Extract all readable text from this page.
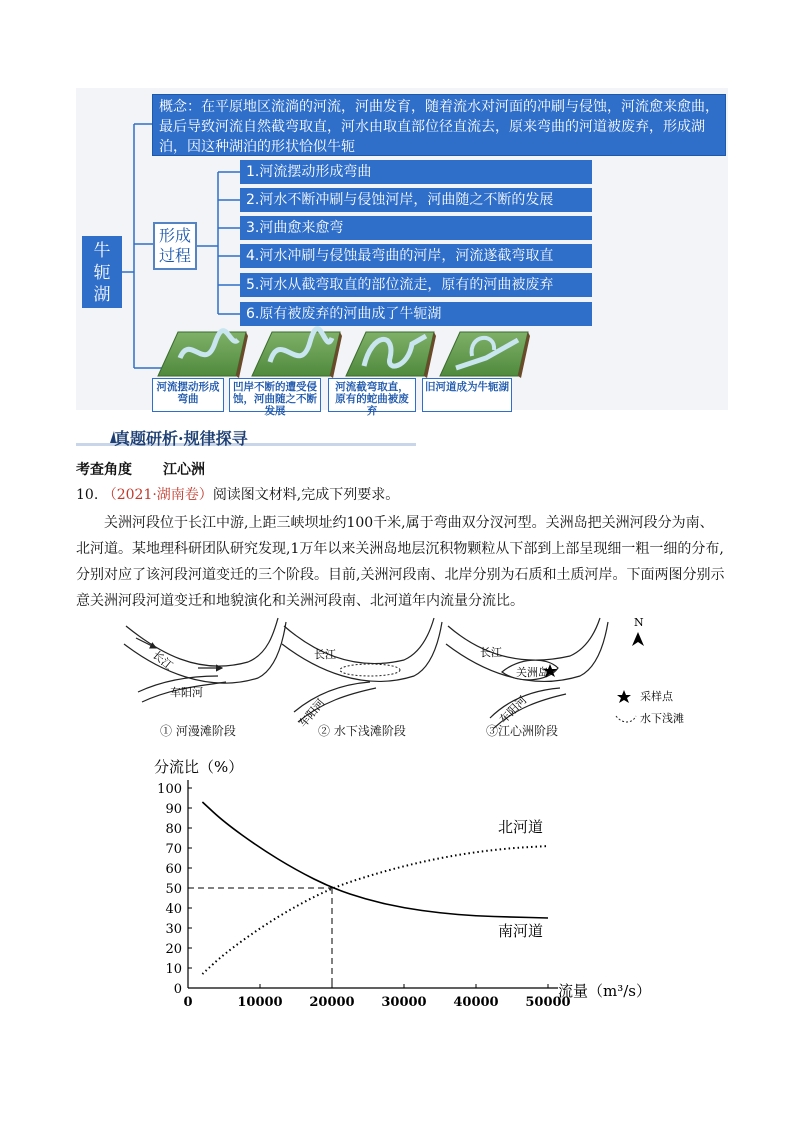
概念：在平原地区流淌的河流，河曲发育，随着流水对河面的冲刷与侵蚀，河流愈来愈曲，最后导致河流自然截弯取直，河水由取直部位径直流去，原来弯曲的河道被废弃，形成湖泊，因这种湖泊的形状恰似牛轭
牛轭湖
形成过程
1.河流摆动形成弯曲
2.河水不断冲刷与侵蚀河岸，河曲随之不断的发展
3.河曲愈来愈弯
4.河水冲刷与侵蚀最弯曲的河岸，河流遂截弯取直
5.河水从截弯取直的部位流走，原有的河曲被废弃
6.原有被废弃的河曲成了牛轭湖
河流摆动形成弯曲
凹岸不断的遭受侵蚀，河曲随之不断发展
河流截弯取直，原有的蛇曲被废弃
旧河道成为牛轭湖
真题研析·规律探寻
考查角度 江心洲
10. （2021·湖南卷）阅读图文材料,完成下列要求。
关洲河段位于长江中游,上距三峡坝址约100千米,属于弯曲双分汊河型。关洲岛把关洲河段分为南、北河道。某地理科研团队研究发现,1万年以来关洲岛地层沉积物颗粒从下部到上部呈现细一粗一细的分布,分别对应了该河段河道变迁的三个阶段。目前,关洲河段南、北岸分别为石质和土质河岸。下面两图分别示意关洲河段河道变迁和地貌演化和关洲河段南、北河道年内流量分流比。
长江
车阳河
长江
车阳河
关洲岛
长江
车阳河
N
采样点
水下浅滩
① 河漫滩阶段	② 水下浅滩阶段	③江心洲阶段
0
10
20
30
40
50
60
70
80
90
100
0	10000 20000 30000 40000 50000
分流比（%）
流量（m³/s）
南河道
北河道
